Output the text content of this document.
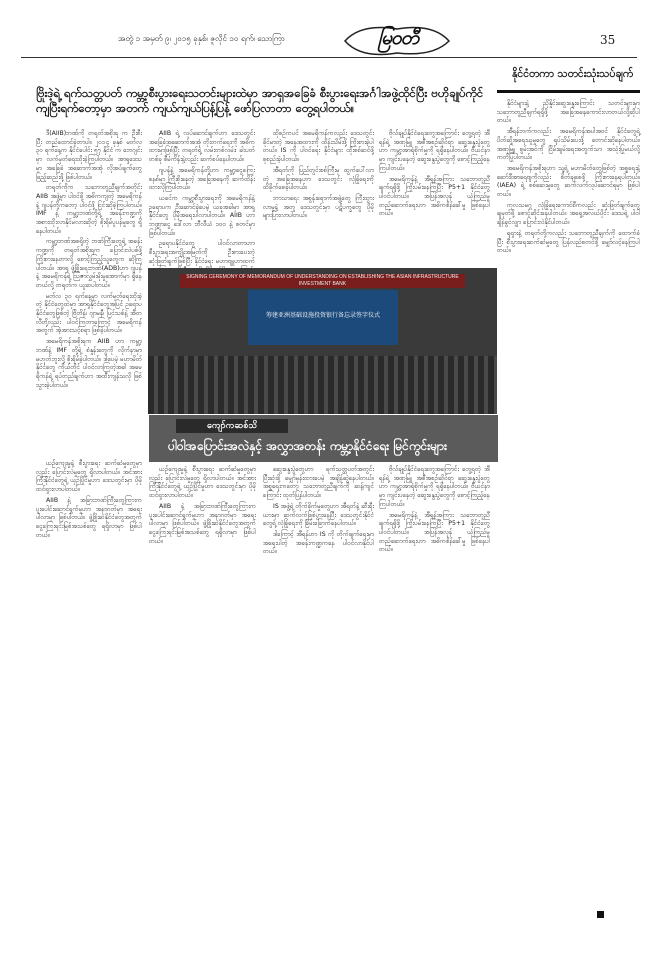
အတွဲ ၁ အမှတ် ၉၊ ၂၀၁၅ ခုနှစ်၊ ဇူလိုင် ၁၀ ရက်၊ သောကြာ	မြဝတီ	35
နိုင်ငံတကာ သတင်းသုံးသပ်ချက်
ဗြိုးဒဲ့ရဲ့ ရက်သတ္တပတ် ကမ္ဘာ့စီးပွားရေးသတင်းများထဲမှာ အာရှအခြေခံ စီးပွားရေးအင်္ဂါအဖွဲ့ထိုင်ပြီး ဗဟိုချုပ်ကိုင်ကျပြီးရက်တော့မှာ အတက် ကျယ်ကျယ်ပြန့်ပြန့် ဖော်ပြလာတာ တွေ့ရပါတယ်။

ဒီ(AIIB)ဘဏ်ကို တရုတ်အစိုးရ က ဦးစီးပြီး တည်ထောင်ခဲ့တာပါ။ ၂၀၁၄ ခုနှစ် မတ်လ ၃၀ ရက်နေ့က နိုင်ငံပေါင်း ၅၇ နိုင်ငံ က ဘေဂျင်းမှာ လက်မှတ်ရေးထိုးခဲ့ကြပါတယ်။ အာရှဒေသမှာ အခြေခံ အဆောက်အအုံ လိုအပ်ချက်တွေ ဖြည့်ဆည်းဖို့ ဖြစ်ပါတယ်။

တရုတ်ကိုက သဘောတူညီချက်အတိုင်း AIIB အဖွဲ့မှာ ပါဝင်ဖို့ အဓိကကျတဲ့ အမေရိကန်နဲ့ ဂျပန်တို့ကတော့ ပါဝင်ဖို့ ငြင်းဆိုခဲ့ကြပါတယ်။ IMF နဲ့ ကမ္ဘာ့ဘဏ်တို့ရဲ့ အခန်းကဏ္ဍကို အစားထိုးလာနိုင်မလားဆိုတဲ့ စိုးရိမ်ပူပန်မှုတွေ ရှိနေပါတယ်။

ကမ္ဘာ့ဘဏ်အစရှိတဲ့ ဘဏ်ကြီးတွေရဲ့ အခန်းကဏ္ဍကို တရုတ်အစိုးရက ပြောင်းလဲပစ်ဖို့ ကြိုးစားနေတာလို့ စောင့်ကြည့်သူတွေက ဆိုကြပါတယ်။ အာရှ ဖွံ့ဖြိုးရေးဘဏ်(ADB)ဟာ ဂျပန်နဲ့ အမေရိကန်ရဲ့ ဩဇာလွှမ်းမိုးမှုအောက်မှာ ရှိနေတယ်လို့ တရုတ်က ယူဆပါတယ်။

မတ်လ ၃၀ ရက်နေ့မှာ လက်မှတ်ရေးထိုးခဲ့တဲ့ နိုင်ငံတွေထဲမှာ အာရှနိုင်ငံတွေအပြင် ဥရောပ နိုင်ငံတွေဖြစ်တဲ့ ဗြိတိန်၊ ဂျာမနီ၊ ပြင်သစ်နဲ့ အီတလီတို့လည်း ပါဝင်ကြတာကြောင့် အမေရိကန် အတွက် အံ့အားသင့်စရာ ဖြစ်ခဲ့ပါတယ်။

အမေရိကန်အစိုးရက AIIB ဟာ ကမ္ဘာ့ဘဏ်နဲ့ IMF တို့ရဲ့ စံနှုန်းတွေကို လိုက်နာမှာ မဟုတ်ဘူးလို့ စိုးရိမ်ခဲ့ပါတယ်။ ဒါပေမဲ့ မဟာမိတ်နိုင်ငံတွေ ကိုယ်တိုင် ပါဝင်လာကြတဲ့အခါ အမေရိကန်ရဲ့ ရပ်တည်ချက်ဟာ အထီးကျန်သလို ဖြစ်သွားခဲ့ပါတယ်။

AIIB ရဲ့ လုပ်ဆောင်ချက်ဟာ ဒေသတွင်း အခြေခံအဆောက်အအုံ တိုးတက်ရေးကို အဓိကထားမှာဖြစ်ပြီး တရုတ်ရဲ့ လမ်းတစ်လမ်း၊ ခါးပတ်တစ်ခု စီမံကိန်းနဲ့လည်း ဆက်စပ်နေပါတယ်။

ဂျပန်နဲ့ အမေရိကန်တို့ဟာ ကမ္ဘာ့ငွေကြေးစနစ်မှာ ကြီးစိုးနေတဲ့ အခြေအနေကို ဆက်ထိန်းထားလိုကြပါတယ်။

ယခင်က ကမ္ဘာ့စီးပွားရေးကို အမေရိကန်နဲ့ ဥရောပက ဦးဆောင်ခဲ့ပေမဲ့ ယခုအခါမှာ အာရှနိုင်ငံတွေ ပိုမိုအရေးပါလာပါတယ်။ AIIB ဟာ ဘဏ္ဍာငွေ ဒေါ်လာ ဘီလီယံ ၁၀၀ နဲ့ စတင်မှာဖြစ်ပါတယ်။

ဥရောပနိုင်ငံတွေ ပါဝင်လာတာဟာ စီးပွားရေးအကျိုးအမြတ်ကို ဦးစားပေးတဲ့ ဆုံးဖြတ်ချက်ဖြစ်ပြီး နိုင်ငံရေး မဟာဗျူဟာထက်

ထိုစဉ်ကပင် အမေရိကန်ကလည်း ဒေသတွင်း ခိုင်မာတဲ့ အနေအထားကို ထိန်းသိမ်းဖို့ ကြိုးစားခဲ့ပါတယ်။ IS ကို ပါဝင်ရေး နိုင်ငံများ ထိုးစစ်ဆင်ဖို့ စုစည်းခဲ့ပါတယ်။

အီရတ်ကို ပြည်တွင်းစစ်ကြီးမှ ထွက်ပေါ်လာတဲ့ အခြေအနေဟာ ဒေသတွင်း လုံခြုံရေးကို ထိခိုက်စေခဲ့ပါတယ်။

ဘာသာရေး အစွန်းရောက်အဖွဲ့တွေ ကြီးထွားလာမှုနဲ့ အတူ ဒေသတွင်းမှာ ပဋိပက္ခတွေ ပိုမိုများပြားလာပါတယ်။

ဗိုလ်ချုပ်နိုင်ငံရေးတွေအကြောင်း တွေ့ရတဲ့ အီရန်ရဲ့ အဏုမြူ အစီအစဉ်ဆိုင်ရာ ဆွေးနွေးပွဲတွေဟာ ကမ္ဘာ့အာရုံစိုက်မှုကို ရရှိနေပါတယ်။ ဗီယင်နာမှာ ကျင်းပနေတဲ့ ဆွေးနွေးပွဲတွေကို စောင့်ကြည့်နေကြပါတယ်။

အမေရိကန်နဲ့ အီရန်အကြား သဘောတူညီချက်ရရှိဖို့ ကြိုးပမ်းနေကြပြီး P5+1 နိုင်ငံတွေ ပါဝင်ပါတယ်။ အပြန်အလှန် ယုံကြည်မှု တည်ဆောက်ရေးဟာ အဓိကစိန်ခေါ်မှု ဖြစ်နေပါတယ်။

နိုင်ငံများနဲ့ ညှိနှိုင်းဆွေးနွေးကြောင်း သတင်းများမှာ သဘောတူညီချက်ရရှိဖို့ အခြေအနေကောင်းလာတယ်လို့ဆိုပါတယ်။

အီရန်ဘက်ကလည်း အမေရိကန်အပါအဝင် နိုင်ငံတွေရဲ့ ပိတ်ဆို့အရေးယူမှုတွေ ရုပ်သိမ်းပေးဖို့ တောင်းဆိုနေပါတယ်။ အဏုမြူ စွမ်းအင်ကို ငြိမ်းချမ်းရေးအတွက်သာ အသုံးပြုမယ်လို့ ကတိပြုပါတယ်။

အမေရိကန်အစိုးရဟာ သူ့ရဲ့ မဟာမိတ်တွေဖြစ်တဲ့ အစ္စရေးနဲ့ ဆော်ဒီအာရေဗျကိုလည်း စိတ်ချစေဖို့ ကြိုးစားနေရပါတယ်။ (IAEA) ရဲ့ စစ်ဆေးမှုတွေ ဆက်လက်လုပ်ဆောင်ရမှာ ဖြစ်ပါတယ်။

ကုလသမဂ္ဂ လုံခြုံရေးကောင်စီကလည်း ဆုံးဖြတ်ချက်တွေ ချမှတ်ဖို့ စောင့်ဆိုင်းနေပါတယ်။ အရှေ့အလယ်ပိုင်း ဒေသရဲ့ ပါဝါချိန်ခွင်လျှာ ပြောင်းလဲနိုင်ပါတယ်။

ရုရှားနဲ့ တရုတ်တို့ကလည်း သဘောတူညီချက်ကို ထောက်ခံပြီး စီးပွားရေးဆက်ဆံမှုတွေ ပြန်လည်စတင်ဖို့ မျှော်လင့်နေကြပါတယ်။

ယဉ်ကျေးမှုနဲ့ စီးပွားရေး ဆက်ဆံမှုတွေမှာလည်း ပြောင်းလဲမှုတွေ ရှိလာပါတယ်။ အင်အားကြီးနိုင်ငံတွေရဲ့ ယှဉ်ပြိုင်မှုဟာ ဒေသတွင်းမှာ ပိုမိုထင်ရှားလာပါတယ်။

AIIB နဲ့ အခြားဘဏ်ကြီးတွေကြားက ပူးပေါင်းဆောင်ရွက်မှုဟာ အနာဂတ်မှာ အရေးပါလာမှာ ဖြစ်ပါတယ်။ ဖွံ့ဖြိုးဆဲနိုင်ငံတွေအတွက် ငွေကြေးရင်းမြစ်အသစ်တွေ ရရှိလာမှာ ဖြစ်ပါတယ်။

ယဉ်ကျေးမှုနဲ့ စီးပွားရေး ဆက်ဆံမှုတွေမှာလည်း ပြောင်းလဲမှုတွေ ရှိလာပါတယ်။ အင်အားကြီးနိုင်ငံတွေရဲ့ ယှဉ်ပြိုင်မှုဟာ ဒေသတွင်းမှာ ပိုမိုထင်ရှားလာပါတယ်။

AIIB နဲ့ အခြားဘဏ်ကြီးတွေကြားက ပူးပေါင်းဆောင်ရွက်မှုဟာ အနာဂတ်မှာ အရေးပါလာမှာ ဖြစ်ပါတယ်။ ဖွံ့ဖြိုးဆဲနိုင်ငံတွေအတွက် ငွေကြေးရင်းမြစ်အသစ်တွေ ရရှိလာမှာ ဖြစ်ပါတယ်။

ဆွေးနွေးပွဲတွေဟာ ရက်သတ္တပတ်အတွင်း ပြီးဆုံးဖို့ မျှော်မှန်းထားပေမဲ့ အချိန်ဆွဲနေပါတယ်။ အစ္စရေးကတော့ သဘောတူညီချက်ကို ဆန့်ကျင်ကြောင်း ထုတ်ပြန်ပါတယ်။

IS အဖွဲ့ရဲ့ တိုက်ခိုက်မှုတွေဟာ အီရတ်နဲ့ ဆီးရီးယားမှာ ဆက်လက်ဖြစ်ပွားနေပြီး ဒေသတွင်းနိုင်ငံတွေရဲ့ လုံခြုံရေးကို ခြိမ်းခြောက်နေပါတယ်။

ဒါကြောင့် အီရန်ဟာ IS ကို တိုက်ဖျက်ရေးမှာ အရေးပါတဲ့ အခန်းကဏ္ဍကနေ ပါဝင်လာနိုင်ပါတယ်။

ဗိုလ်ချုပ်နိုင်ငံရေးတွေအကြောင်း တွေ့ရတဲ့ အီရန်ရဲ့ အဏုမြူ အစီအစဉ်ဆိုင်ရာ ဆွေးနွေးပွဲတွေဟာ ကမ္ဘာ့အာရုံစိုက်မှုကို ရရှိနေပါတယ်။ ဗီယင်နာမှာ ကျင်းပနေတဲ့ ဆွေးနွေးပွဲတွေကို စောင့်ကြည့်နေကြပါတယ်။

အမေရိကန်နဲ့ အီရန်အကြား သဘောတူညီချက်ရရှိဖို့ ကြိုးပမ်းနေကြပြီး P5+1 နိုင်ငံတွေ ပါဝင်ပါတယ်။ အပြန်အလှန် ယုံကြည်မှု တည်ဆောက်ရေးဟာ အဓိကစိန်ခေါ်မှု ဖြစ်နေပါတယ်။

SIGNING CEREMONY OF MEMORANDUM OF UNDERSTANDING ON ESTABLISHING THE ASIAN INFRASTRUCTURE INVESTMENT BANK
筹建亚洲基础设施投资银行备忘录签字仪式
ကျော်ကဆစ်သိ
ပါဝါအပြောင်းအလဲနှင့် အလွှာအတန်း ကမ္ဘာ့နိုင်ငံရေး မြင်ကွင်းများ
